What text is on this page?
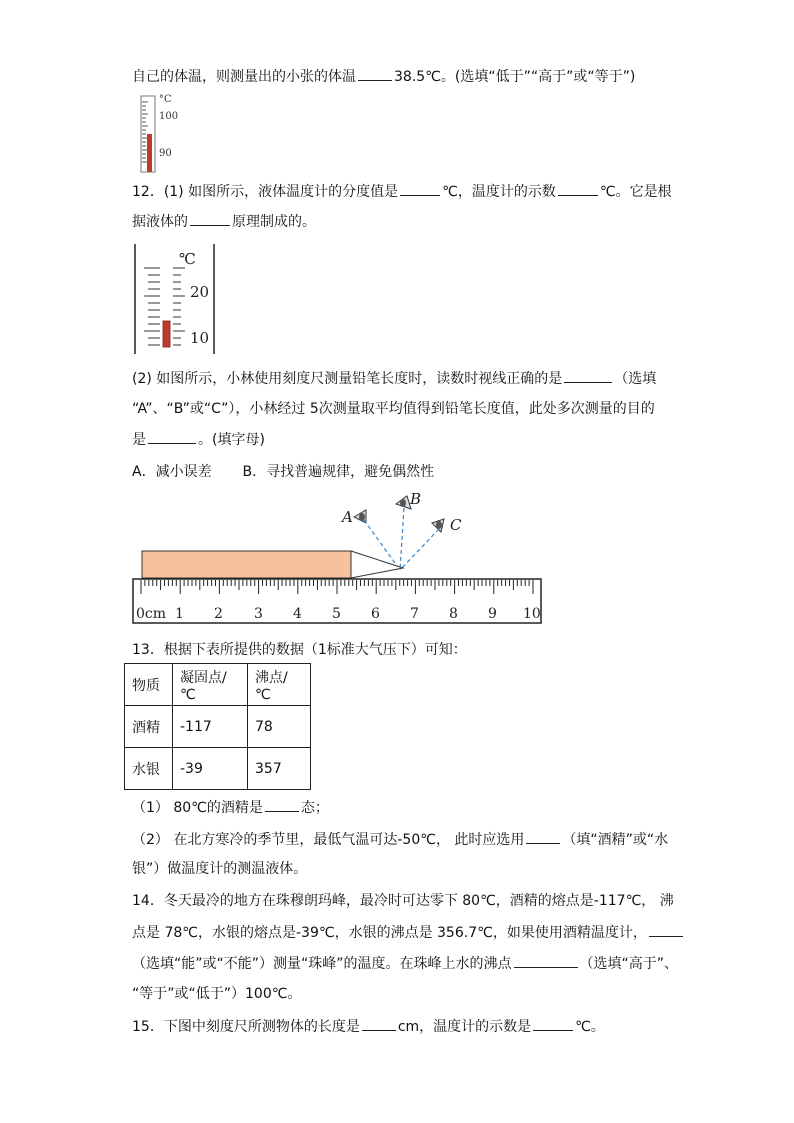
自己的体温，则测量出的小张的体温	38.5℃。(选填“低于”“高于”或“等于”)
°C
100
90
12．(1) 如图所示，液体温度计的分度值是	℃，温度计的示数	℃。它是根
据液体的	原理制成的。
℃
20
10
(2) 如图所示，小林使用刻度尺测量铅笔长度时，读数时视线正确的是	（选填
“A”、“B”或“C”），小林经过 5次测量取平均值得到铅笔长度值，此处多次测量的目的
是	。(填字母)
A．减小误差 B．寻找普遍规律，避免偶然性
A
B
C
0cm 1 2 3 4 5 6 7 8 9 10
13．根据下表所提供的数据（1标准大气压下）可知：
物质	凝固点/℃	沸点/℃
酒精	-117	78
水银	-39	357
（1） 80℃的酒精是	态；
（2） 在北方寒冷的季节里，最低气温可达-50℃， 此时应选用	（填“酒精”或“水
银”）做温度计的测温液体。
14．冬天最冷的地方在珠穆朗玛峰，最冷时可达零下 80℃，酒精的熔点是-117℃， 沸
点是 78℃，水银的熔点是-39℃，水银的沸点是 356.7℃，如果使用酒精温度计，
（选填“能”或“不能”）测量“珠峰”的温度。在珠峰上水的沸点	（选填“高于”、
“等于”或“低于”）100℃。
15．下图中刻度尺所测物体的长度是	cm，温度计的示数是	℃。
